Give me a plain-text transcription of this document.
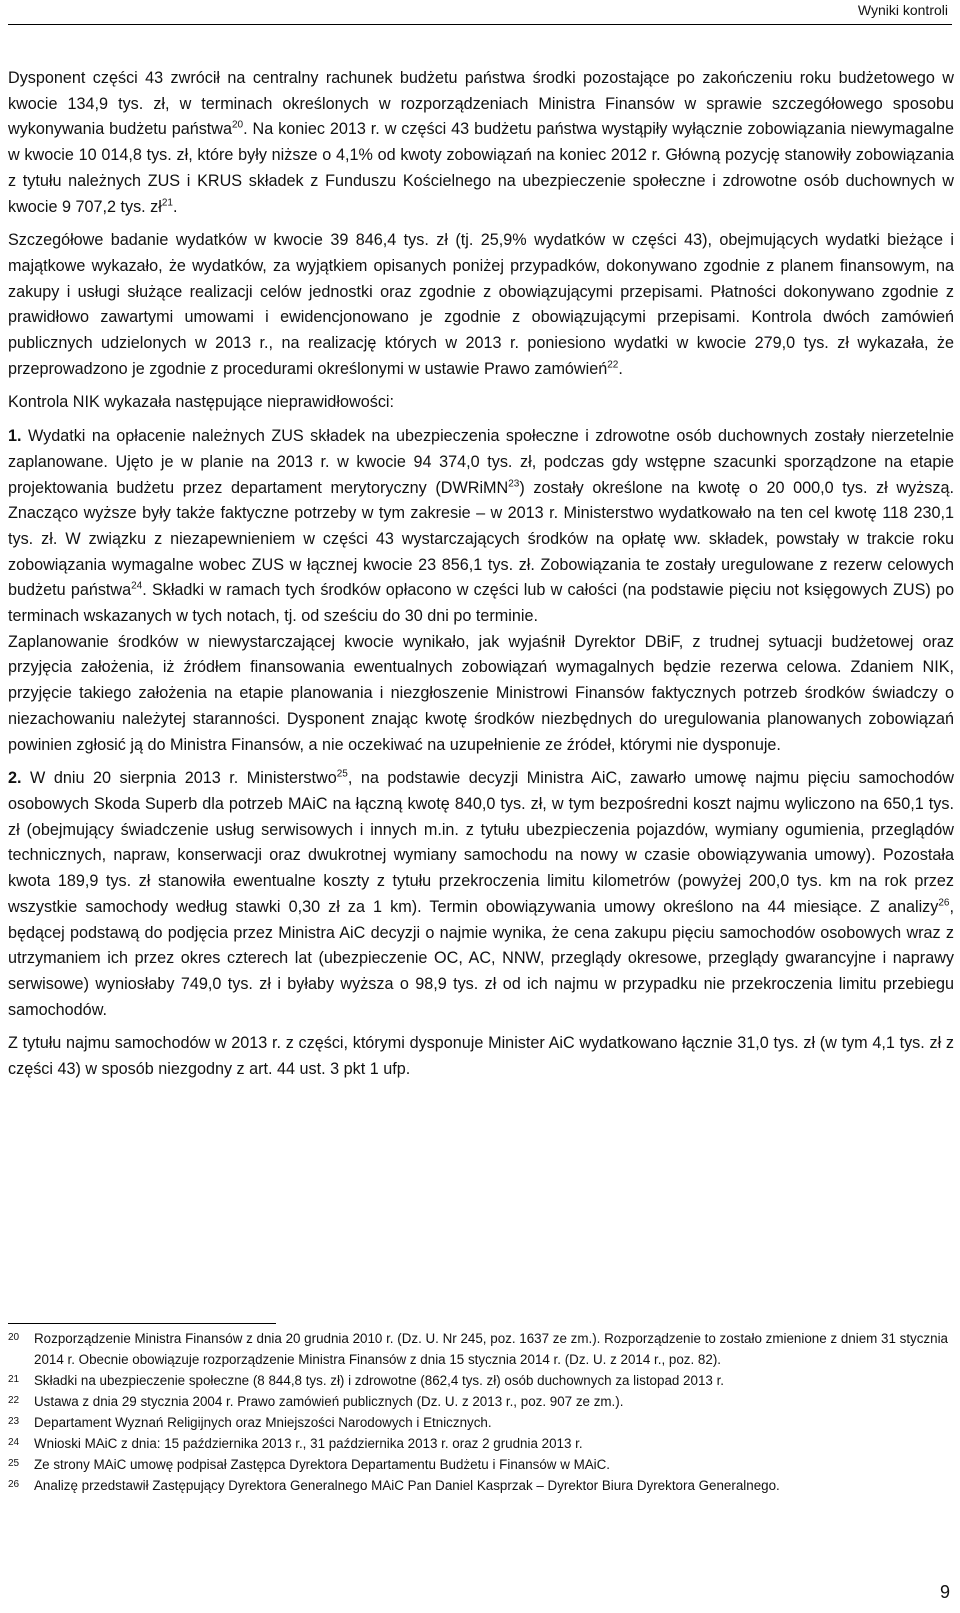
Wyniki kontroli

Dysponent części 43 zwrócił na centralny rachunek budżetu państwa środki pozostające po zakończeniu roku budżetowego w kwocie 134,9 tys. zł, w terminach określonych w rozporządzeniach Ministra Finansów w sprawie szczegółowego sposobu wykonywania budżetu państwa$^{20}$. Na koniec 2013 r. w części 43 budżetu państwa wystąpiły wyłącznie zobowiązania niewymagalne w kwocie 10 014,8 tys. zł, które były niższe o 4,1% od kwoty zobowiązań na koniec 2012 r. Główną pozycję stanowiły zobowiązania z tytułu należnych ZUS i KRUS składek z Funduszu Kościelnego na ubezpieczenie społeczne i zdrowotne osób duchownych w kwocie 9 707,2 tys. $zł^{21}$.

Szczegółowe badanie wydatków w kwocie 39 846,4 tys. zł (tj. 25,9% wydatków w części 43), obejmujących wydatki bieżące i majątkowe wykazało, że wydatków, za wyjątkiem opisanych poniżej przypadków, dokonywano zgodnie z planem finansowym, na zakupy i usługi służące realizacji celów jednostki oraz zgodnie z obowiązującymi przepisami. Płatności dokonywano zgodnie z prawidłowo zawartymi umowami i ewidencjonowano je zgodnie z obowiązującymi przepisami. Kontrola dwóch zamówień publicznych udzielonych w 2013 r., na realizację których w 2013 r. poniesiono wydatki w kwocie 279,0 tys. zł wykazała, że przeprowadzono je zgodnie z procedurami określonymi w ustawie Prawo zamówień$^{22}$.

Kontrola NIK wykazała następujące nieprawidłowości:

1. Wydatki na opłacenie należnych ZUS składek na ubezpieczenia społeczne i zdrowotne osób duchownych zostały nierzetelnie zaplanowane. Ujęto je w planie na 2013 r. w kwocie 94 374,0 tys. zł, podczas gdy wstępne szacunki sporządzone na etapie projektowania budżetu przez departament merytoryczny (DWRiMN$^{23}$) zostały określone na kwotę o 20 000,0 tys. zł wyższą. Znacząco wyższe były także faktyczne potrzeby w tym zakresie – w 2013 r. Ministerstwo wydatkowało na ten cel kwotę 118 230,1 tys. zł. W związku z niezapewnieniem w części 43 wystarczających środków na opłatę ww. składek, powstały w trakcie roku zobowiązania wymagalne wobec ZUS w łącznej kwocie 23 856,1 tys. zł. Zobowiązania te zostały uregulowane z rezerw celowych budżetu państwa$^{24}$. Składki w ramach tych środków opłacono w części lub w całości (na podstawie pięciu not księgowych ZUS) po terminach wskazanych w tych notach, tj. od sześciu do 30 dni po terminie.

Zaplanowanie środków w niewystarczającej kwocie wynikało, jak wyjaśnił Dyrektor DBiF, z trudnej sytuacji budżetowej oraz przyjęcia założenia, iż źródłem finansowania ewentualnych zobowiązań wymagalnych będzie rezerwa celowa. Zdaniem NIK, przyjęcie takiego założenia na etapie planowania i niezgłoszenie Ministrowi Finansów faktycznych potrzeb środków świadczy o niezachowaniu należytej staranności. Dysponent znając kwotę środków niezbędnych do uregulowania planowanych zobowiązań powinien zgłosić ją do Ministra Finansów, a nie oczekiwać na uzupełnienie ze źródeł, którymi nie dysponuje.

2. W dniu 20 sierpnia 2013 r. Ministerstwo$^{25}$, na podstawie decyzji Ministra AiC, zawarło umowę najmu pięciu samochodów osobowych Skoda Superb dla potrzeb MAiC na łączną kwotę 840,0 tys. zł, w tym bezpośredni koszt najmu wyliczono na 650,1 tys. zł (obejmujący świadczenie usług serwisowych i innych m.in. z tytułu ubezpieczenia pojazdów, wymiany ogumienia, przeglądów technicznych, napraw, konserwacji oraz dwukrotnej wymiany samochodu na nowy w czasie obowiązywania umowy). Pozostała kwota 189,9 tys. zł stanowiła ewentualne koszty z tytułu przekroczenia limitu kilometrów (powyżej 200,0 tys. km na rok przez wszystkie samochody według stawki 0,30 zł za 1 km). Termin obowiązywania umowy określono na 44 miesiące. Z analizy$^{26}$, będącej podstawą do podjęcia przez Ministra AiC decyzji o najmie wynika, że cena zakupu pięciu samochodów osobowych wraz z utrzymaniem ich przez okres czterech lat (ubezpieczenie OC, AC, NNW, przeglądy okresowe, przeglądy gwarancyjne i naprawy serwisowe) wyniosłaby 749,0 tys. zł i byłaby wyższa o 98,9 tys. zł od ich najmu w przypadku nie przekroczenia limitu przebiegu samochodów.

Z tytułu najmu samochodów w 2013 r. z części, którymi dysponuje Minister AiC wydatkowano łącznie 31,0 tys. zł (w tym 4,1 tys. zł z części 43) w sposób niezgodny z art. 44 ust. 3 pkt 1 ufp.

20	Rozporządzenie Ministra Finansów z dnia 20 grudnia 2010 r. (Dz. U. Nr 245, poz. 1637 ze zm.). Rozporządzenie to zostało zmienione z dniem 31 stycznia 2014 r. Obecnie obowiązuje rozporządzenie Ministra Finansów z dnia 15 stycznia 2014 r. (Dz. U. z 2014 r., poz. 82).
21	Składki na ubezpieczenie społeczne (8 844,8 tys. zł) i zdrowotne (862,4 tys. zł) osób duchownych za listopad 2013 r.
22	Ustawa z dnia 29 stycznia 2004 r. Prawo zamówień publicznych (Dz. U. z 2013 r., poz. 907 ze zm.).
23	Departament Wyznań Religijnych oraz Mniejszości Narodowych i Etnicznych.
24	Wnioski MAiC z dnia: 15 października 2013 r., 31 października 2013 r. oraz 2 grudnia 2013 r.
25	Ze strony MAiC umowę podpisał Zastępca Dyrektora Departamentu Budżetu i Finansów w MAiC.
26	Analizę przedstawił Zastępujący Dyrektora Generalnego MAiC Pan Daniel Kasprzak – Dyrektor Biura Dyrektora Generalnego.
9
